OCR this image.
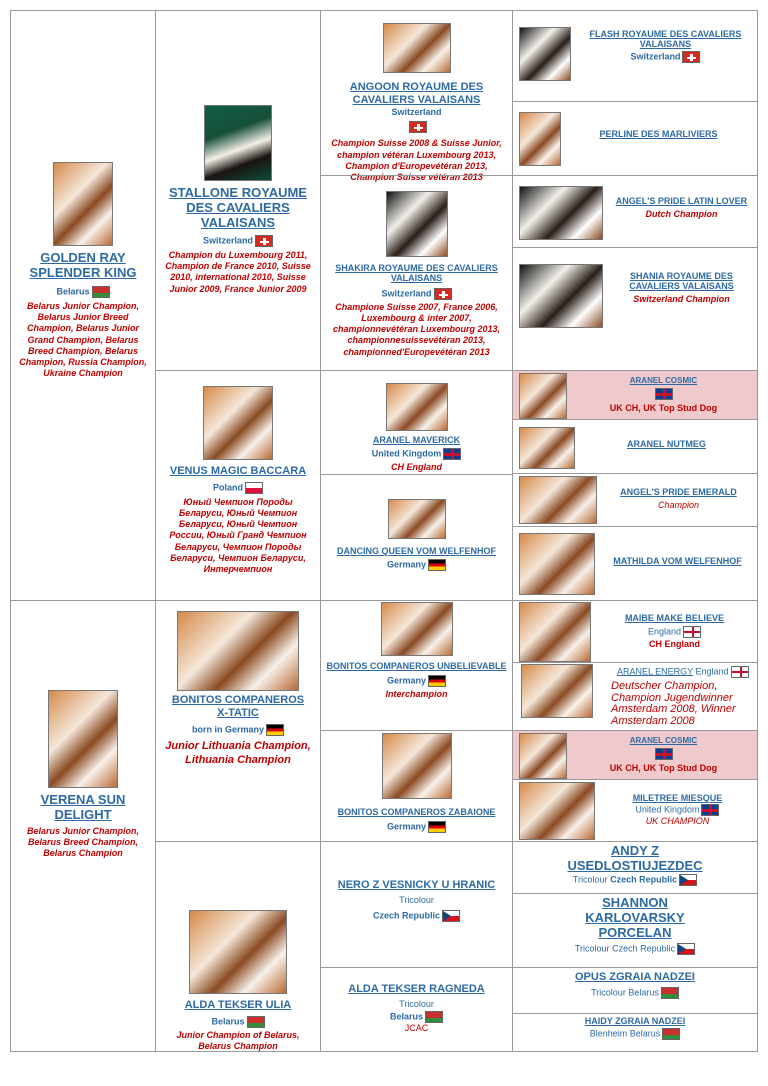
GOLDEN RAY SPLENDER KING
Belarus
Belarus Junior Champion, Belarus Junior Breed Champion, Belarus Junior Grand Champion, Belarus Breed Champion, Belarus Champion, Russia Champion, Ukraine Champion
VERENA SUN DELIGHT
Belarus Junior Champion, Belarus Breed Champion, Belarus Champion
STALLONE ROYAUME DES CAVALIERS VALAISANS
Switzerland
Champion du Luxembourg 2011, Champion de France 2010, Suisse 2010, international 2010, Suisse Junior 2009, France Junior 2009
VENUS MAGIC BACCARA
Poland
Юный Чемпион Породы Беларуси, Юный Чемпион Беларуси, Юный Чемпион России, Юный Гранд Чемпион Беларуси, Чемпион Породы Беларуси, Чемпион Беларуси, Интерчемпион
BONITOS COMPANEROS X-TATIC
born in Germany
Junior Lithuania Champion, Lithuania Champion
ALDA TEKSER ULIA
Belarus
Junior Champion of Belarus, Belarus Champion
ANGOON ROYAUME DES CAVALIERS VALAISANS Switzerland
Champion Suisse 2008 & Suisse Junior, champion vétéran Luxembourg 2013, Champion d'Europevétéran 2013, Champion Suisse vétéran 2013
SHAKIRA ROYAUME DES CAVALIERS VALAISANS
Switzerland
Champione Suisse 2007, France 2006, Luxembourg & inter 2007, championnevétéran Luxembourg 2013, championnesuissevétéran 2013, championned'Europevétéran 2013
ARANEL MAVERICK
United Kingdom
CH England
DANCING QUEEN VOM WELFENHOF
Germany
BONITOS COMPANEROS UNBELIEVABLE
Germany
Interchampion
BONITOS COMPANEROS ZABAIONE
Germany
NERO Z VESNICKY U HRANIC
Tricolour
Czech Republic
ALDA TEKSER RAGNEDA
Tricolour
Belarus
JCAC

FLASH ROYAUME DES CAVALIERS VALAISANS
Switzerland

PERLINE DES MARLIVIERS

ANGEL'S PRIDE LATIN LOVER
Dutch Champion

SHANIA ROYAUME DES CAVALIERS VALAISANS
Switzerland Champion

ARANEL COSMIC
UK CH, UK Top Stud Dog

ARANEL NUTMEG

ANGEL'S PRIDE EMERALD
Champion

MATHILDA VOM WELFENHOF

MAIBE MAKE BELIEVE
England
CH England
ARANEL ENERGY England
Deutscher Champion, Champion Jugendwinner Amsterdam 2008, Winner Amsterdam 2008

ARANEL COSMIC
UK CH, UK Top Stud Dog

MILETREE MIESQUE
United Kingdom
UK CHAMPION
ANDY Z USEDLOSTIUJEZDEC
Tricolour Czech Republic
SHANNON KARLOVARSKY PORCELAN
Tricolour Czech Republic
OPUS ZGRAIA NADZEI
Tricolour Belarus
HAIDY ZGRAIA NADZEI
Blenheim Belarus
